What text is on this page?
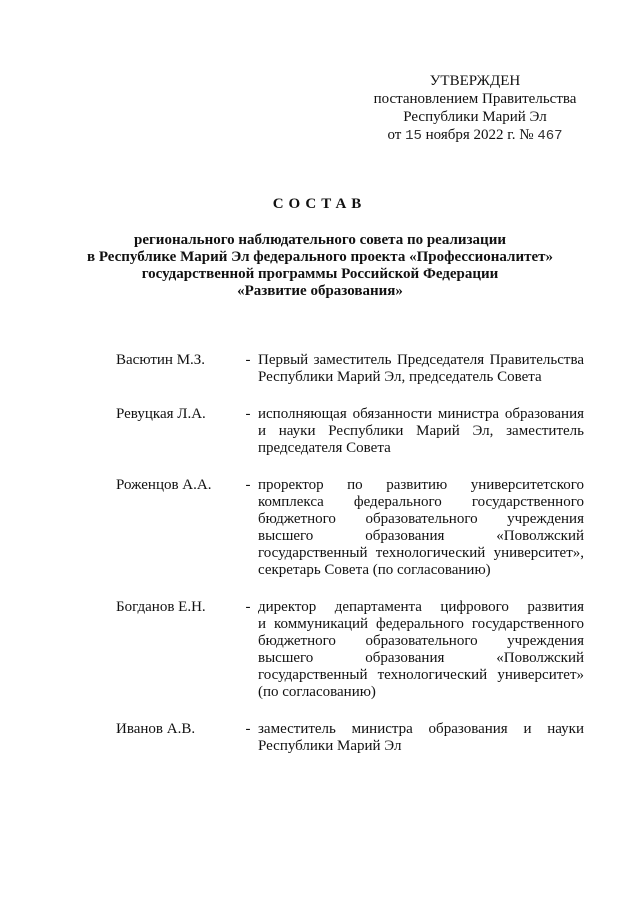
УТВЕРЖДЕН
постановлением Правительства
Республики Марий Эл
от 15 ноября 2022 г. № 467
СОСТАВ
регионального наблюдательного совета по реализации
в Республике Марий Эл федерального проекта «Профессионалитет»
государственной программы Российской Федерации
«Развитие образования»
Васютин М.З.	- Первый заместитель Председателя Правительства
Республики Марий Эл, председатель Совета
Ревуцкая Л.А.	- исполняющая обязанности министра образования
и науки Республики Марий Эл, заместитель
председателя Совета
Роженцов А.А.	- проректор по развитию университетского
комплекса федерального государственного
бюджетного образовательного учреждения
высшего образования «Поволжский
государственный технологический университет»,
секретарь Совета (по согласованию)
Богданов Е.Н.	- директор департамента цифрового развития
и коммуникаций федерального государственного
бюджетного образовательного учреждения
высшего образования «Поволжский
государственный технологический университет»
(по согласованию)
Иванов А.В.	- заместитель министра образования и науки
Республики Марий Эл
